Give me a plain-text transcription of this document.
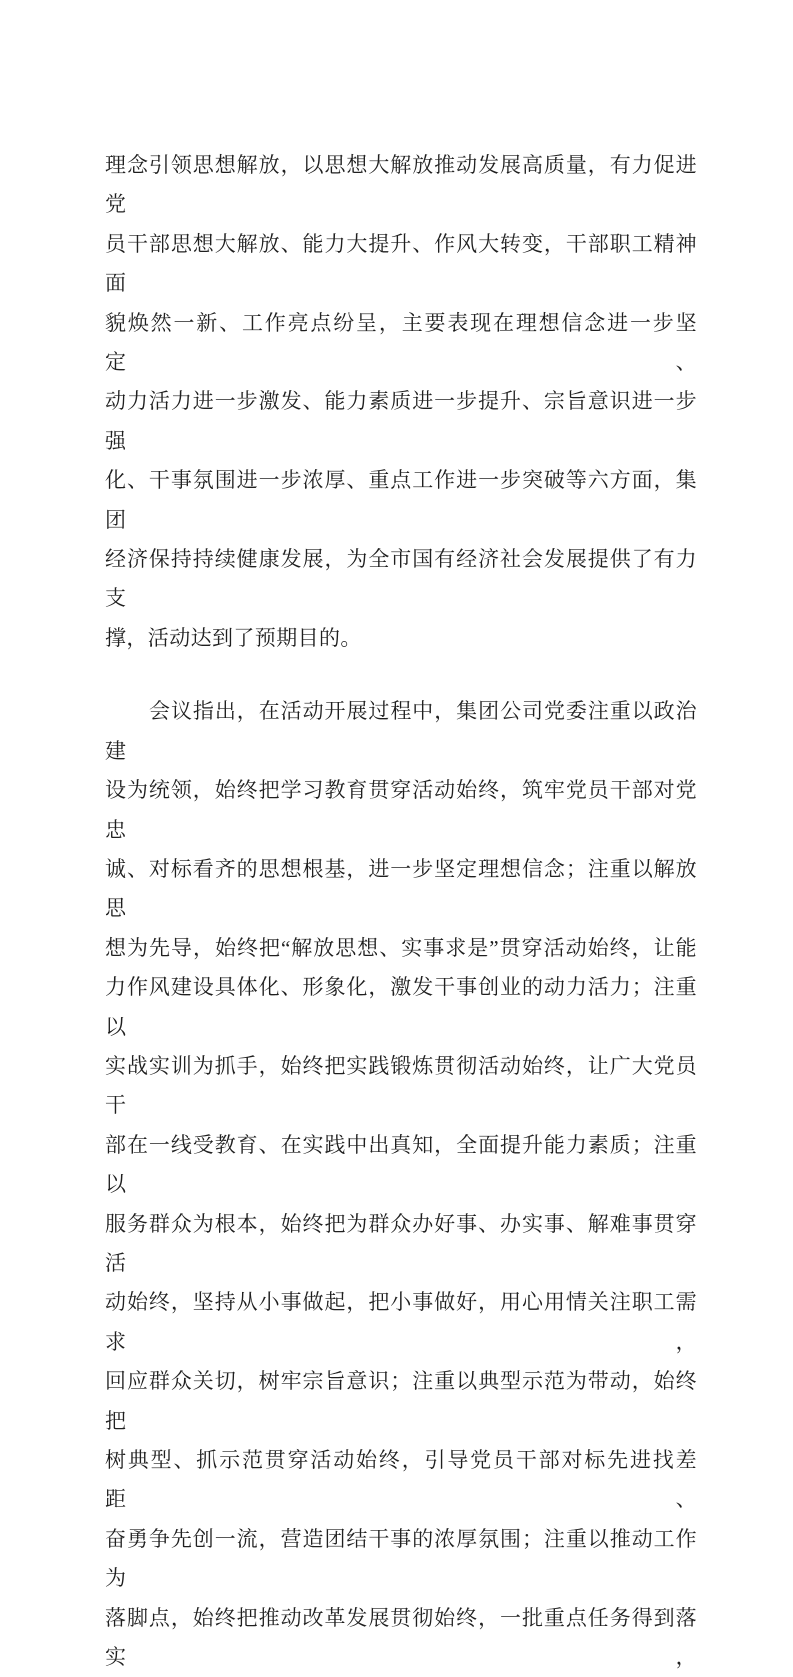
理念引领思想解放，以思想大解放推动发展高质量，有力促进党
员干部思想大解放、能力大提升、作风大转变，干部职工精神面
貌焕然一新、工作亮点纷呈，主要表现在理想信念进一步坚定、
动力活力进一步激发、能力素质进一步提升、宗旨意识进一步强
化、干事氛围进一步浓厚、重点工作进一步突破等六方面，集团
经济保持持续健康发展，为全市国有经济社会发展提供了有力支
撑，活动达到了预期目的。
会议指出，在活动开展过程中，集团公司党委注重以政治建
设为统领，始终把学习教育贯穿活动始终，筑牢党员干部对党忠
诚、对标看齐的思想根基，进一步坚定理想信念；注重以解放思
想为先导，始终把“解放思想、实事求是”贯穿活动始终，让能
力作风建设具体化、形象化，激发干事创业的动力活力；注重以
实战实训为抓手，始终把实践锻炼贯彻活动始终，让广大党员干
部在一线受教育、在实践中出真知，全面提升能力素质；注重以
服务群众为根本，始终把为群众办好事、办实事、解难事贯穿活
动始终，坚持从小事做起，把小事做好，用心用情关注职工需求，
回应群众关切，树牢宗旨意识；注重以典型示范为带动，始终把
树典型、抓示范贯穿活动始终，引导党员干部对标先进找差距、
奋勇争先创一流，营造团结干事的浓厚氛围；注重以推动工作为
落脚点，始终把推动改革发展贯彻始终，一批重点任务得到落实，
